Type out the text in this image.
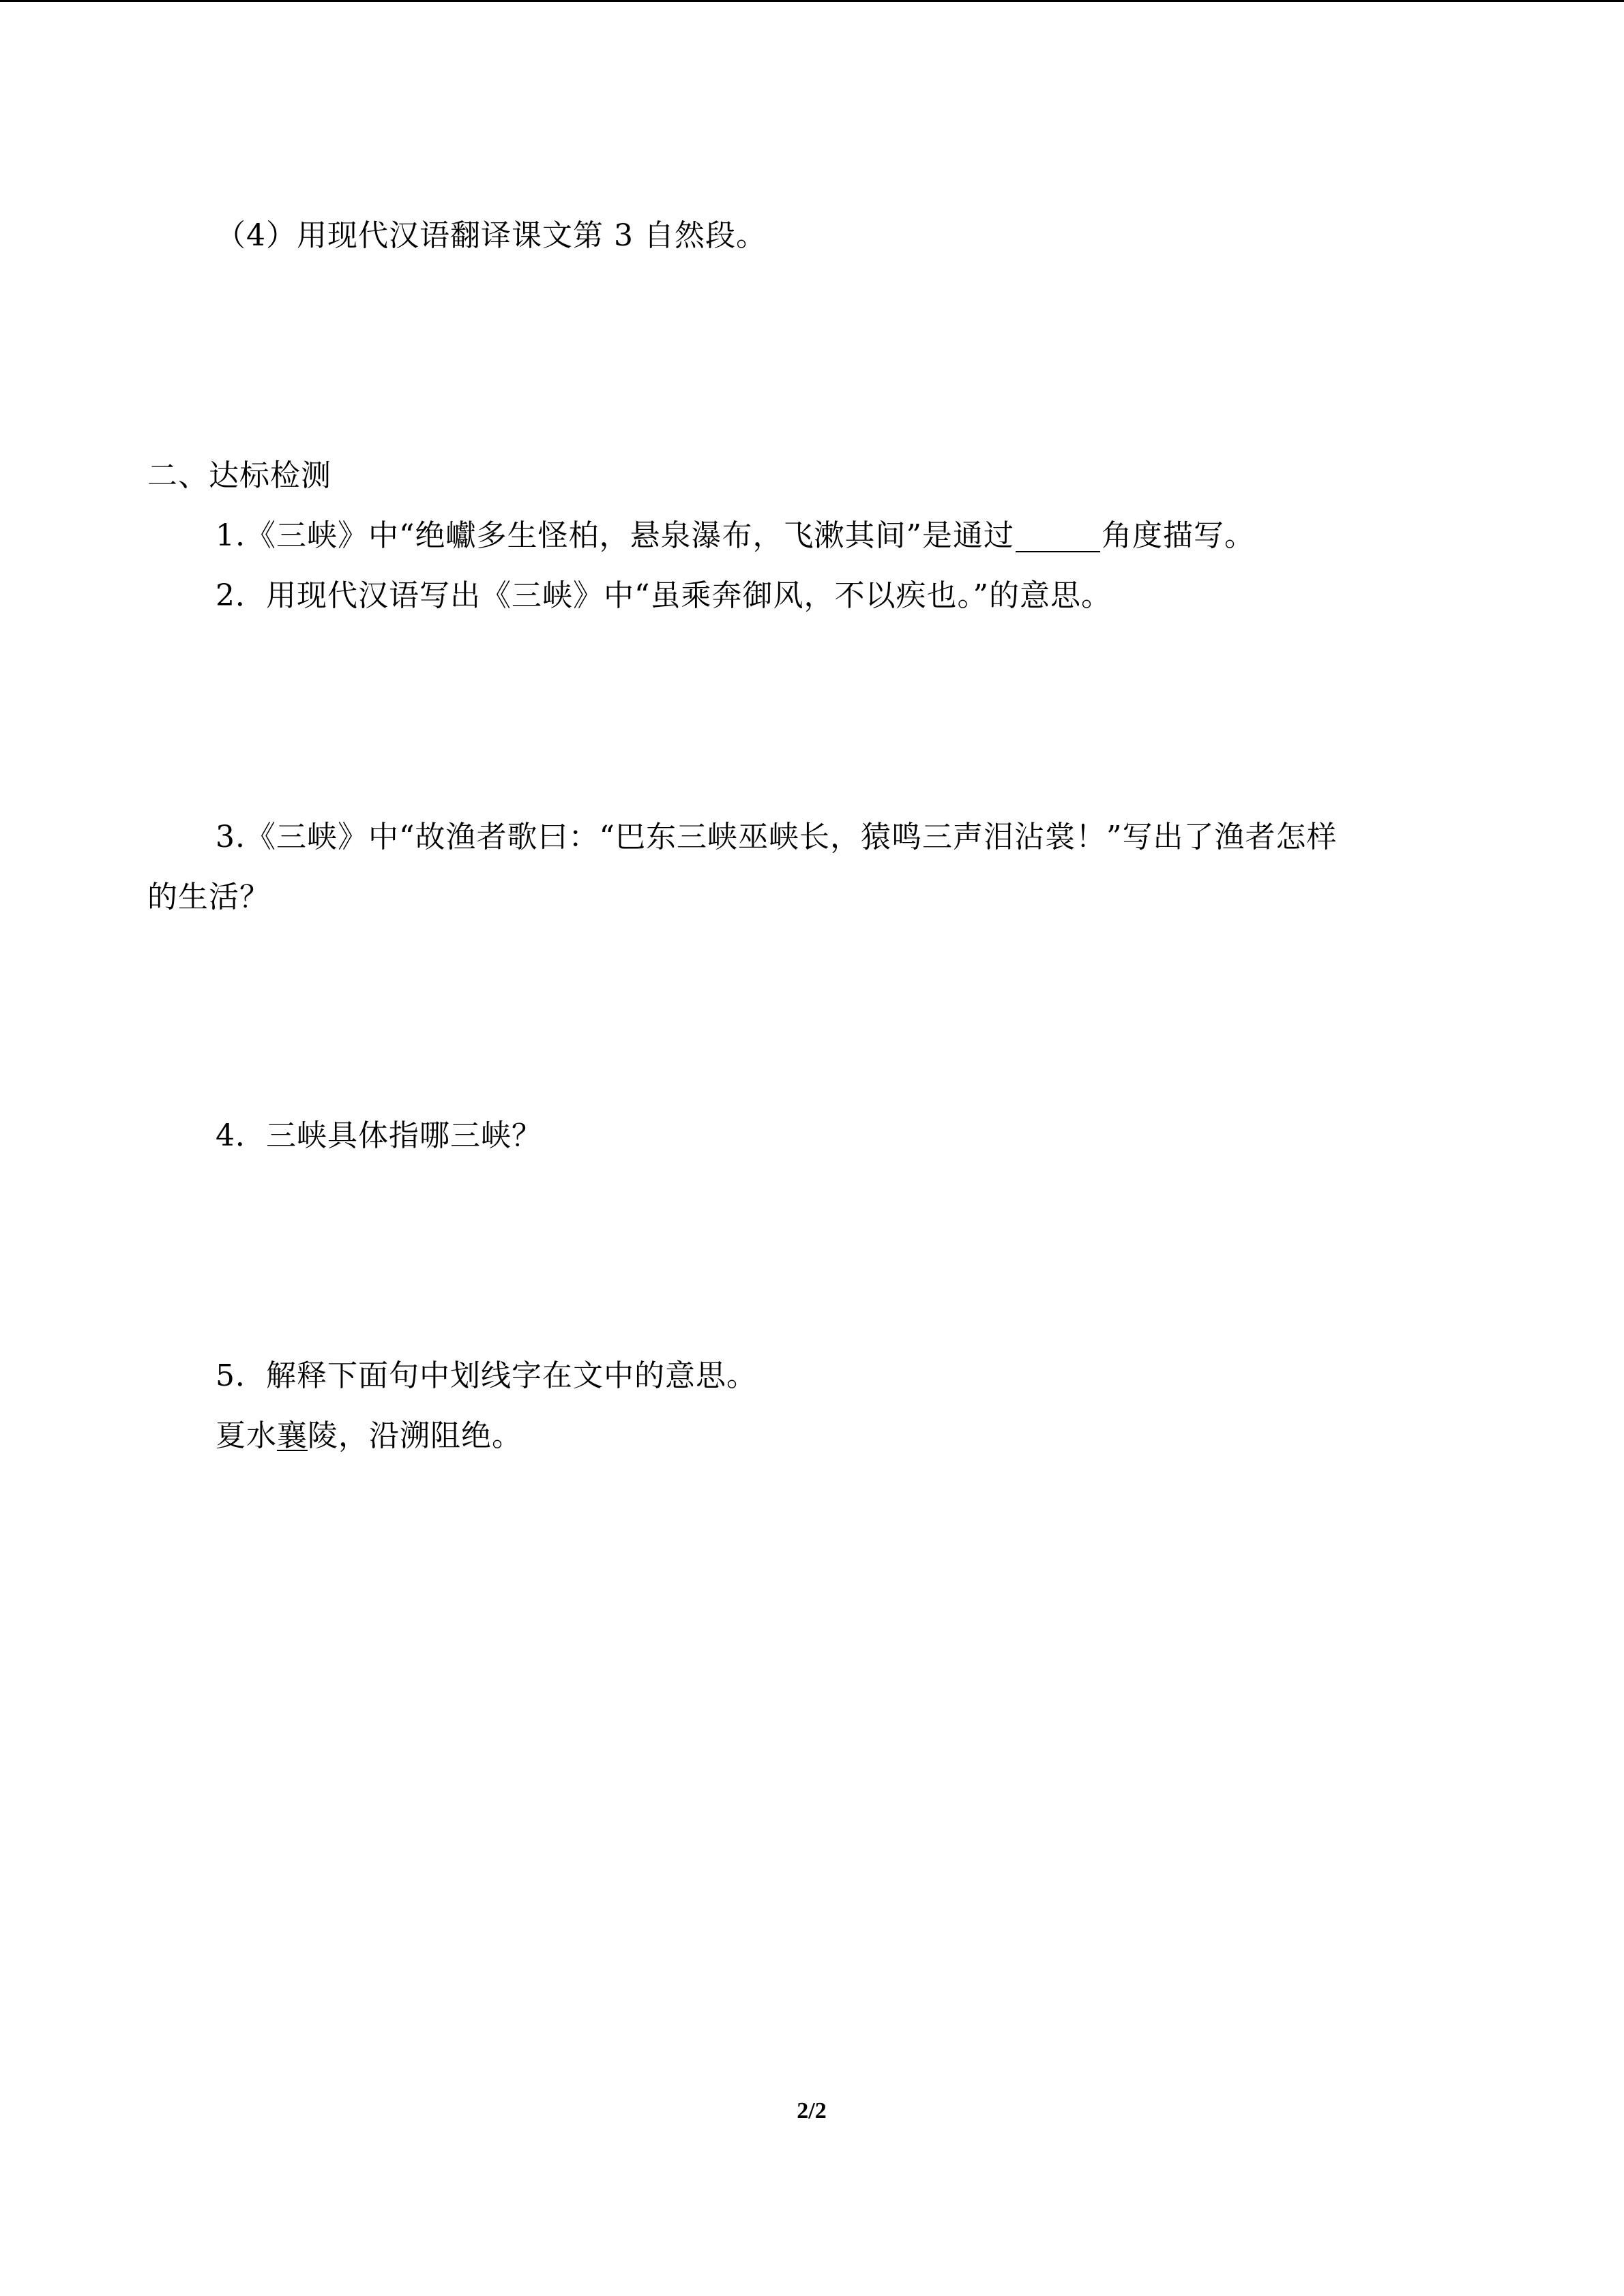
（4）用现代汉语翻译课文第 3 自然段。
二、达标检测
1.《三峡》中“绝巘多生怪柏，悬泉瀑布，飞漱其间”是通过	角度描写。
2．用现代汉语写出《三峡》中“虽乘奔御风，不以疾也。”的意思。
3.《三峡》中“故渔者歌曰：“巴东三峡巫峡长，猿鸣三声泪沾裳！”写出了渔者怎样
的生活？
4．三峡具体指哪三峡？
5．解释下面句中划线字在文中的意思。
夏水襄陵，沿溯阻绝。
2/2
